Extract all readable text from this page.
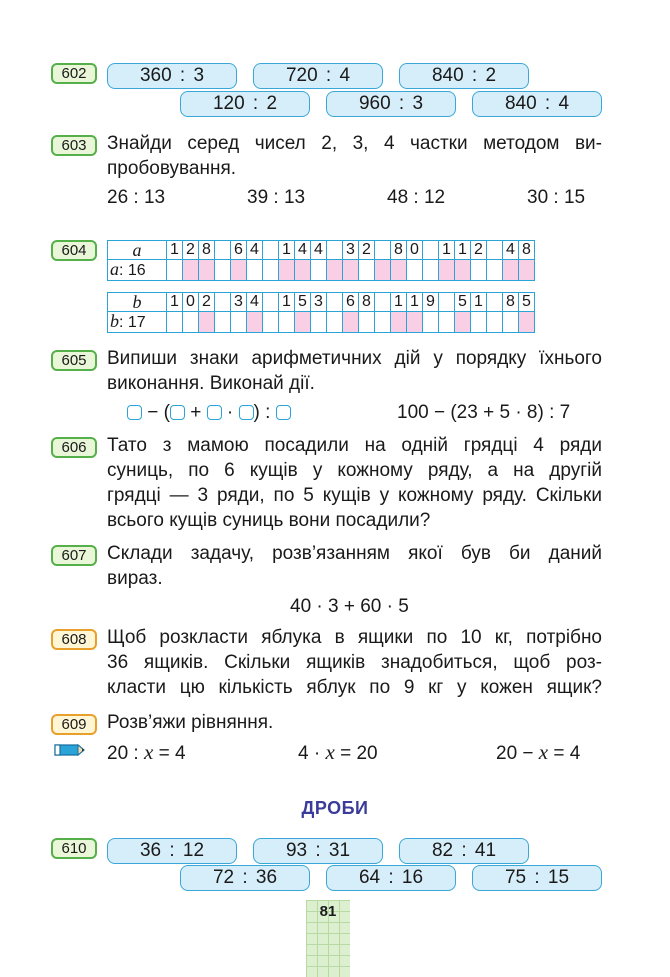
602	360 : 3	720 : 4	840 : 2
120 : 2	960 : 3	840 : 4
603	Знайди серед чисел 2, 3, 4 частки методом ви-
пробовування.
26 : 13	39 : 13	48 : 12	30 : 15
604	a	1	2	8		6	4		1	4	4		3	2		8	0		1	1	2		4	8
a: 16																							
b	1	0	2		3	4		1	5	3		6	8		1	1	9		5	1		8	5
b: 17																							
605	Випиши знаки арифметичних дій у порядку їхнього
виконання. Виконай дії.
− ( +  · ) :	100 − (23 + 5 · 8) : 7
606	Тато з мамою посадили на одній грядці 4 ряди
суниць, по 6 кущів у кожному ряду, а на другій
грядці — 3 ряди, по 5 кущів у кожному ряду. Скільки
всього кущів суниць вони посадили?
607	Склади задачу, розв’язанням якої був би даний
вираз.
40 · 3 + 60 · 5
608	Щоб розкласти яблука в ящики по 10 кг, потрібно
36 ящиків. Скільки ящиків знадобиться, щоб роз-
класти цю кількість яблук по 9 кг у кожен ящик?
609	Розв’яжи рівняння.
20 : x = 4	4 · x = 20	20 − x = 4
ДРОБИ
610	36 : 12	93 : 31	82 : 41
72 : 36	64 : 16	75 : 15
81
